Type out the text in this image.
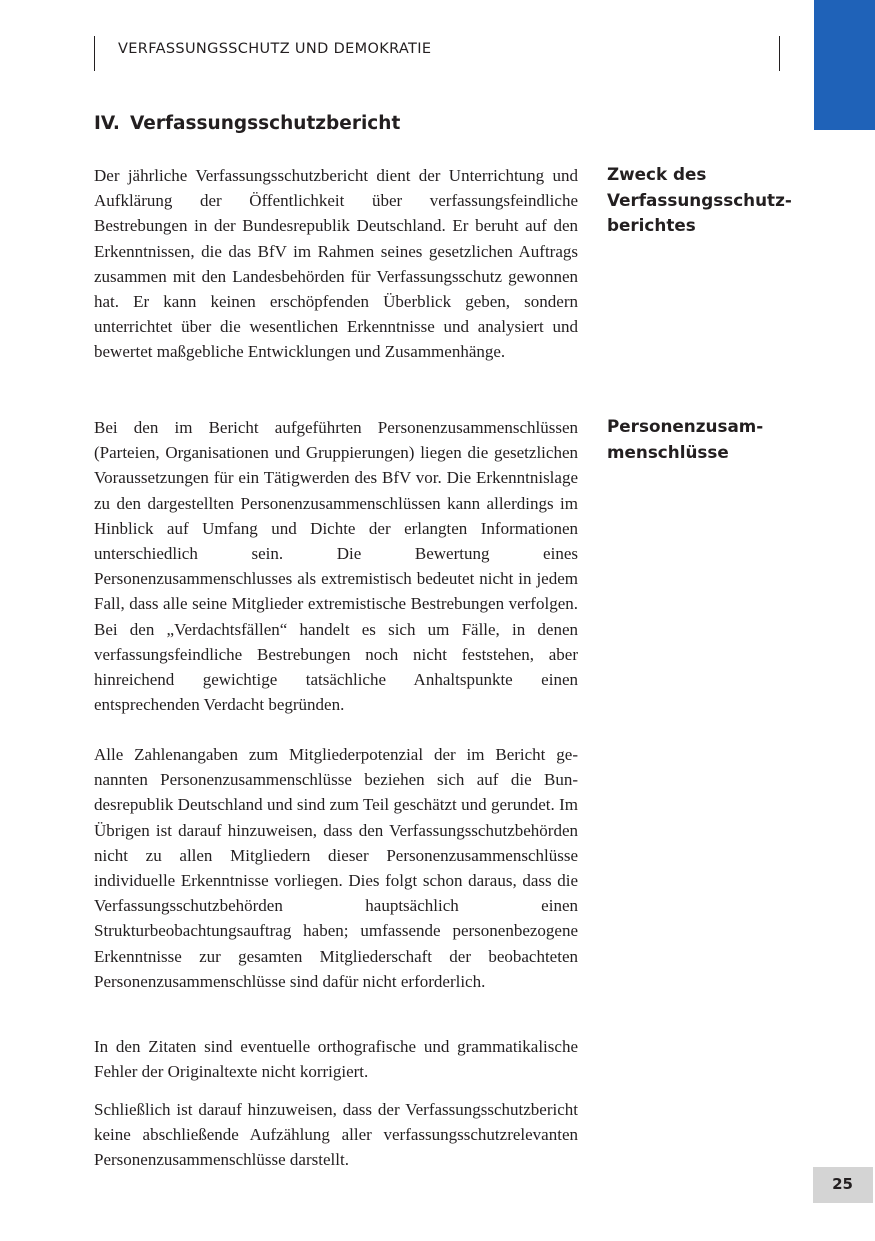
VERFASSUNGSSCHUTZ UND DEMOKRATIE
IV. Verfassungsschutzbericht

Der jährliche Verfassungsschutzbericht dient der Unterrichtung und Aufklärung der Öffentlichkeit über verfassungsfeindliche Bestrebungen in der Bundesrepublik Deutschland. Er beruht auf den Erkenntnissen, die das BfV im Rahmen seines gesetzlichen Auftrags zusammen mit den Landesbehörden für Verfassungsschutz gewonnen hat. Er kann keinen erschöpfenden Überblick geben, sondern unterrichtet über die wesentlichen Erkenntnisse und analysiert und bewertet maßgebliche Entwicklungen und Zusammenhänge.

Zweck des Verfassungsschutzberichtes

Bei den im Bericht aufgeführten Personenzusammenschlüssen (Parteien, Organisationen und Gruppierungen) liegen die gesetzlichen Voraussetzungen für ein Tätigwerden des BfV vor. Die Erkenntnislage zu den dargestellten Personenzusammenschlüssen kann allerdings im Hinblick auf Umfang und Dichte der erlangten Informationen unterschiedlich sein. Die Bewertung eines Personenzusammenschlusses als extremistisch bedeutet nicht in jedem Fall, dass alle seine Mitglieder extremistische Bestrebungen verfolgen. Bei den „Verdachtsfällen“ handelt es sich um Fälle, in denen verfassungsfeindliche Bestrebungen noch nicht feststehen, aber hinreichend gewichtige tatsächliche Anhaltspunkte einen entsprechenden Verdacht begründen.

Personenzusammenschlüsse

Alle Zahlenangaben zum Mitgliederpotenzial der im Bericht genannten Personenzusammenschlüsse beziehen sich auf die Bundesrepublik Deutschland und sind zum Teil geschätzt und gerundet. Im Übrigen ist darauf hinzuweisen, dass den Verfassungsschutzbehörden nicht zu allen Mitgliedern dieser Personenzusammenschlüsse individuelle Erkenntnisse vorliegen. Dies folgt schon daraus, dass die Verfassungsschutzbehörden hauptsächlich einen Strukturbeobachtungsauftrag haben; umfassende personenbezogene Erkenntnisse zur gesamten Mitgliederschaft der beobachteten Personenzusammenschlüsse sind dafür nicht erforderlich.

In den Zitaten sind eventuelle orthografische und grammatikalische Fehler der Originaltexte nicht korrigiert.

Schließlich ist darauf hinzuweisen, dass der Verfassungsschutzbericht keine abschließende Aufzählung aller verfassungsschutzrelevanten Personenzusammenschlüsse darstellt.

25
